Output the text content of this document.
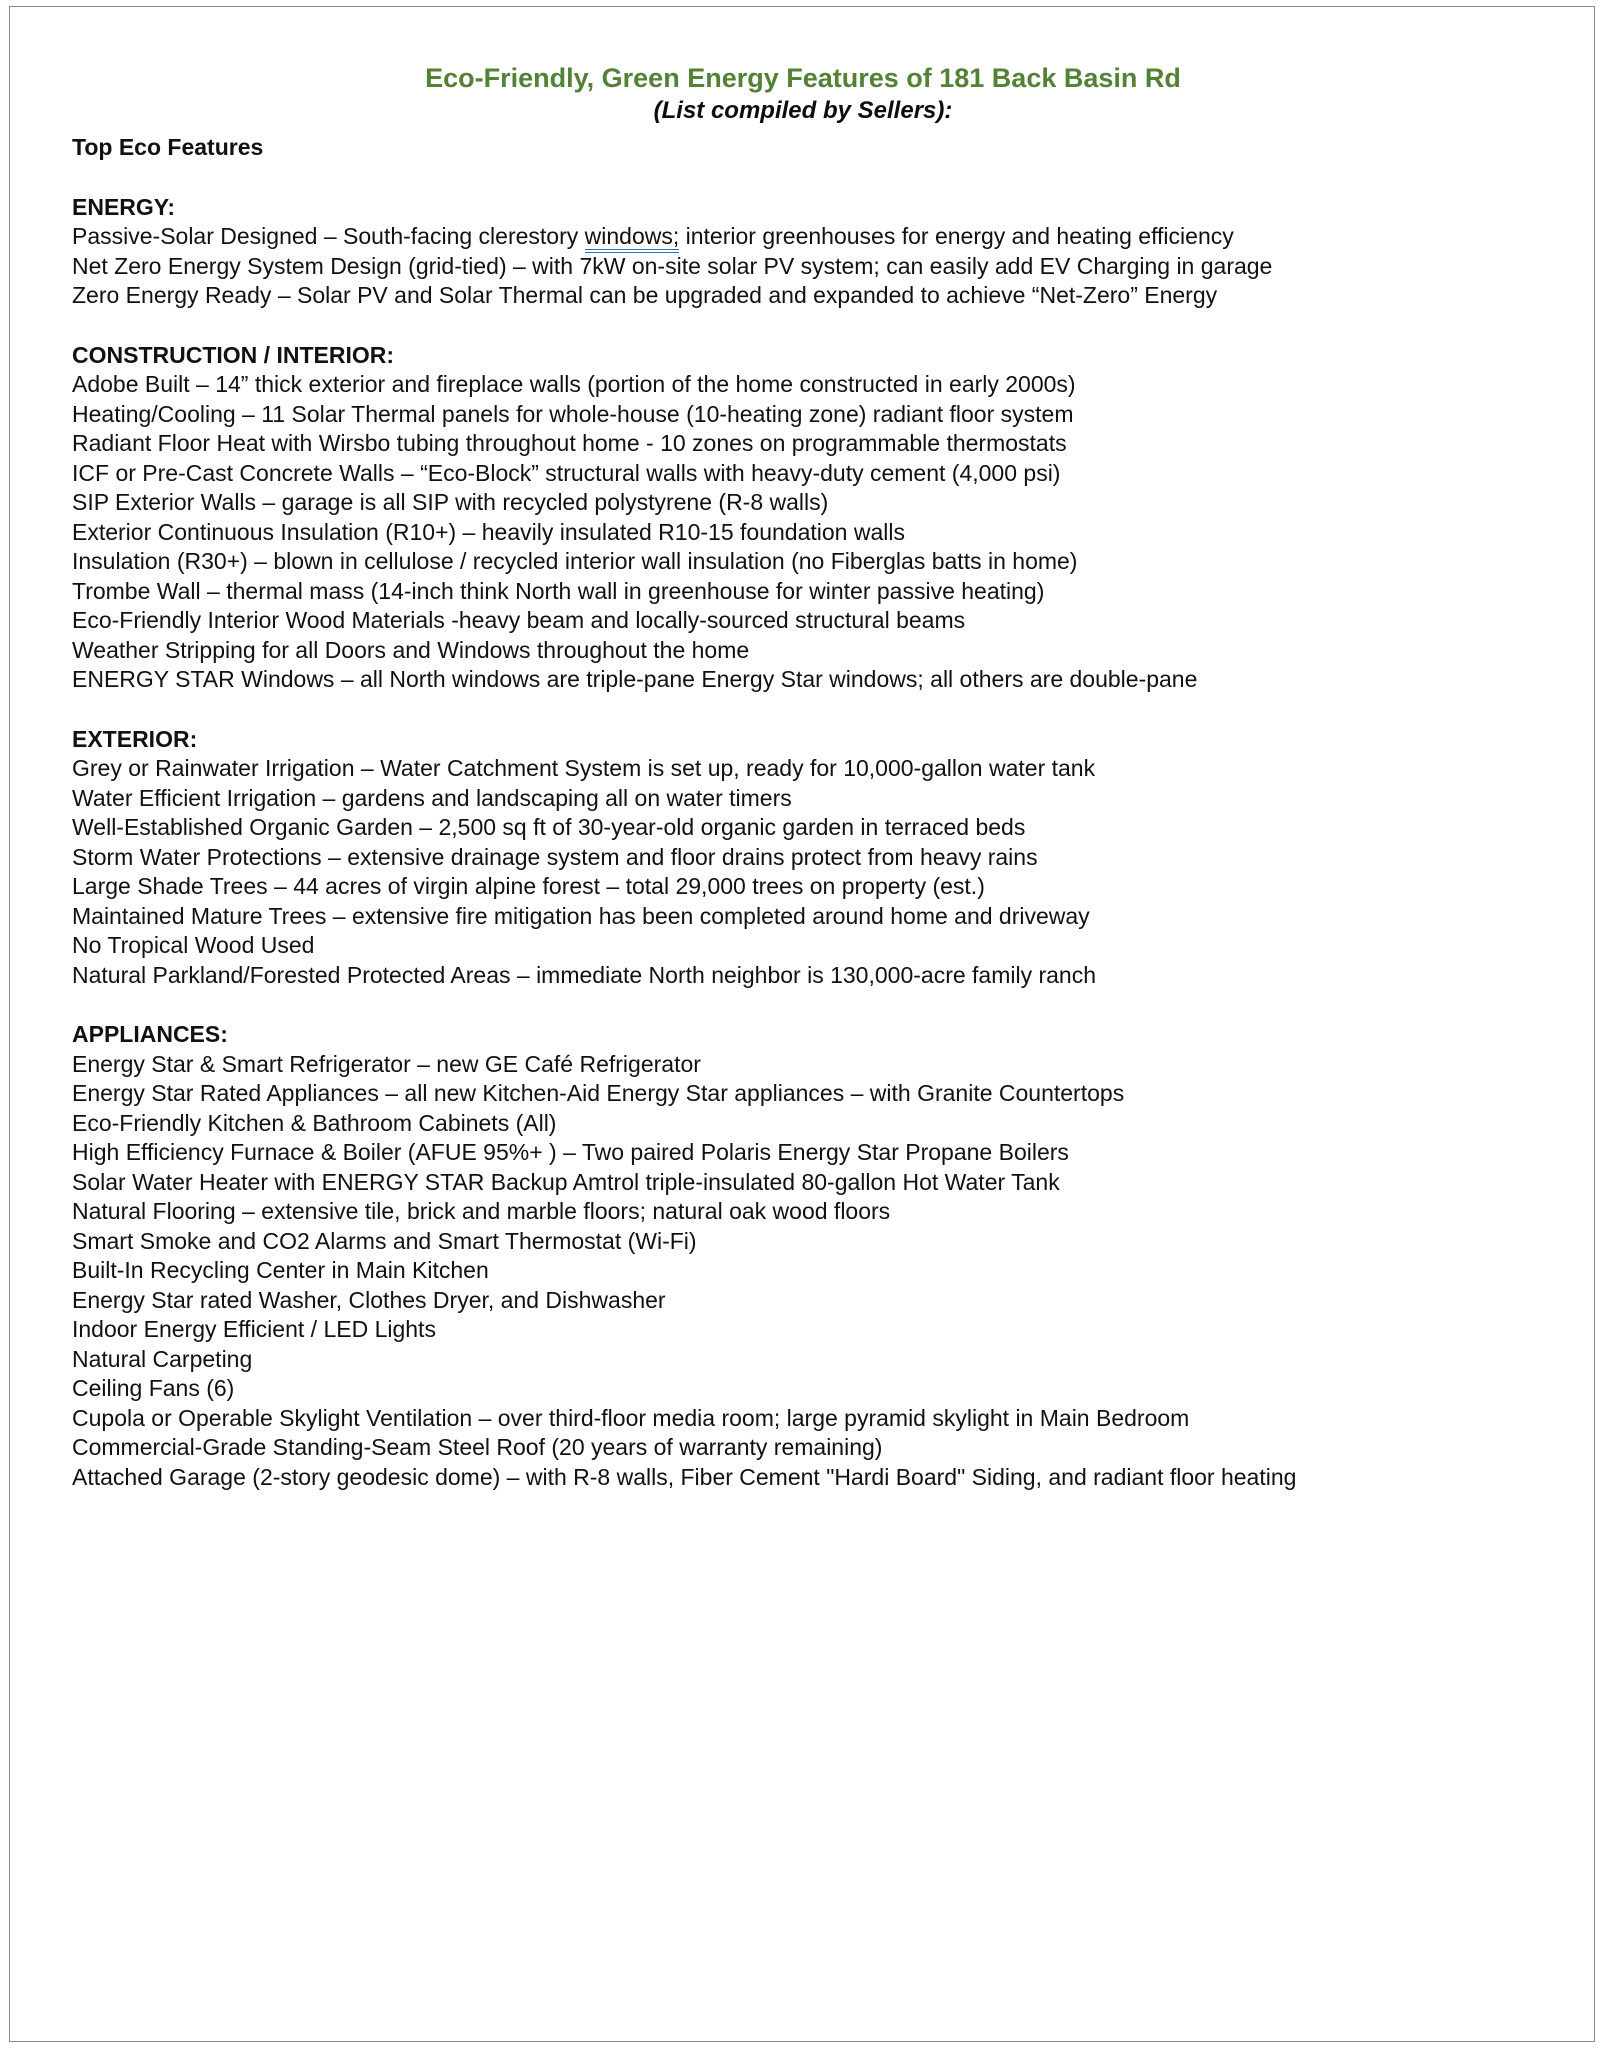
Eco-Friendly, Green Energy Features of 181 Back Basin Rd
(List compiled by Sellers):
Top Eco Features
ENERGY:
Passive-Solar Designed – South-facing clerestory windows; interior greenhouses for energy and heating efficiency
Net Zero Energy System Design (grid-tied) – with 7kW on-site solar PV system; can easily add EV Charging in garage
Zero Energy Ready – Solar PV and Solar Thermal can be upgraded and expanded to achieve “Net-Zero” Energy
CONSTRUCTION / INTERIOR:
Adobe Built – 14” thick exterior and fireplace walls (portion of the home constructed in early 2000s)
Heating/Cooling – 11 Solar Thermal panels for whole-house (10-heating zone) radiant floor system
Radiant Floor Heat with Wirsbo tubing throughout home - 10 zones on programmable thermostats
ICF or Pre-Cast Concrete Walls – “Eco-Block” structural walls with heavy-duty cement (4,000 psi)
SIP Exterior Walls – garage is all SIP with recycled polystyrene (R-8 walls)
Exterior Continuous Insulation (R10+) – heavily insulated R10-15 foundation walls
Insulation (R30+) – blown in cellulose / recycled interior wall insulation (no Fiberglas batts in home)
Trombe Wall – thermal mass (14-inch think North wall in greenhouse for winter passive heating)
Eco-Friendly Interior Wood Materials -heavy beam and locally-sourced structural beams
Weather Stripping for all Doors and Windows throughout the home
ENERGY STAR Windows – all North windows are triple-pane Energy Star windows; all others are double-pane
EXTERIOR:
Grey or Rainwater Irrigation – Water Catchment System is set up, ready for 10,000-gallon water tank
Water Efficient Irrigation – gardens and landscaping all on water timers
Well-Established Organic Garden – 2,500 sq ft of 30-year-old organic garden in terraced beds
Storm Water Protections – extensive drainage system and floor drains protect from heavy rains
Large Shade Trees – 44 acres of virgin alpine forest – total 29,000 trees on property (est.)
Maintained Mature Trees – extensive fire mitigation has been completed around home and driveway
No Tropical Wood Used
Natural Parkland/Forested Protected Areas – immediate North neighbor is 130,000-acre family ranch
APPLIANCES:
Energy Star & Smart Refrigerator – new GE Café Refrigerator
Energy Star Rated Appliances – all new Kitchen-Aid Energy Star appliances – with Granite Countertops
Eco-Friendly Kitchen & Bathroom Cabinets (All)
High Efficiency Furnace & Boiler (AFUE 95%+ ) – Two paired Polaris Energy Star Propane Boilers
Solar Water Heater with ENERGY STAR Backup Amtrol triple-insulated 80-gallon Hot Water Tank
Natural Flooring – extensive tile, brick and marble floors; natural oak wood floors
Smart Smoke and CO2 Alarms and Smart Thermostat (Wi-Fi)
Built-In Recycling Center in Main Kitchen
Energy Star rated Washer, Clothes Dryer, and Dishwasher
Indoor Energy Efficient / LED Lights
Natural Carpeting
Ceiling Fans (6)
Cupola or Operable Skylight Ventilation – over third-floor media room; large pyramid skylight in Main Bedroom
Commercial-Grade Standing-Seam Steel Roof (20 years of warranty remaining)
Attached Garage (2-story geodesic dome) – with R-8 walls, Fiber Cement "Hardi Board" Siding, and radiant floor heating
